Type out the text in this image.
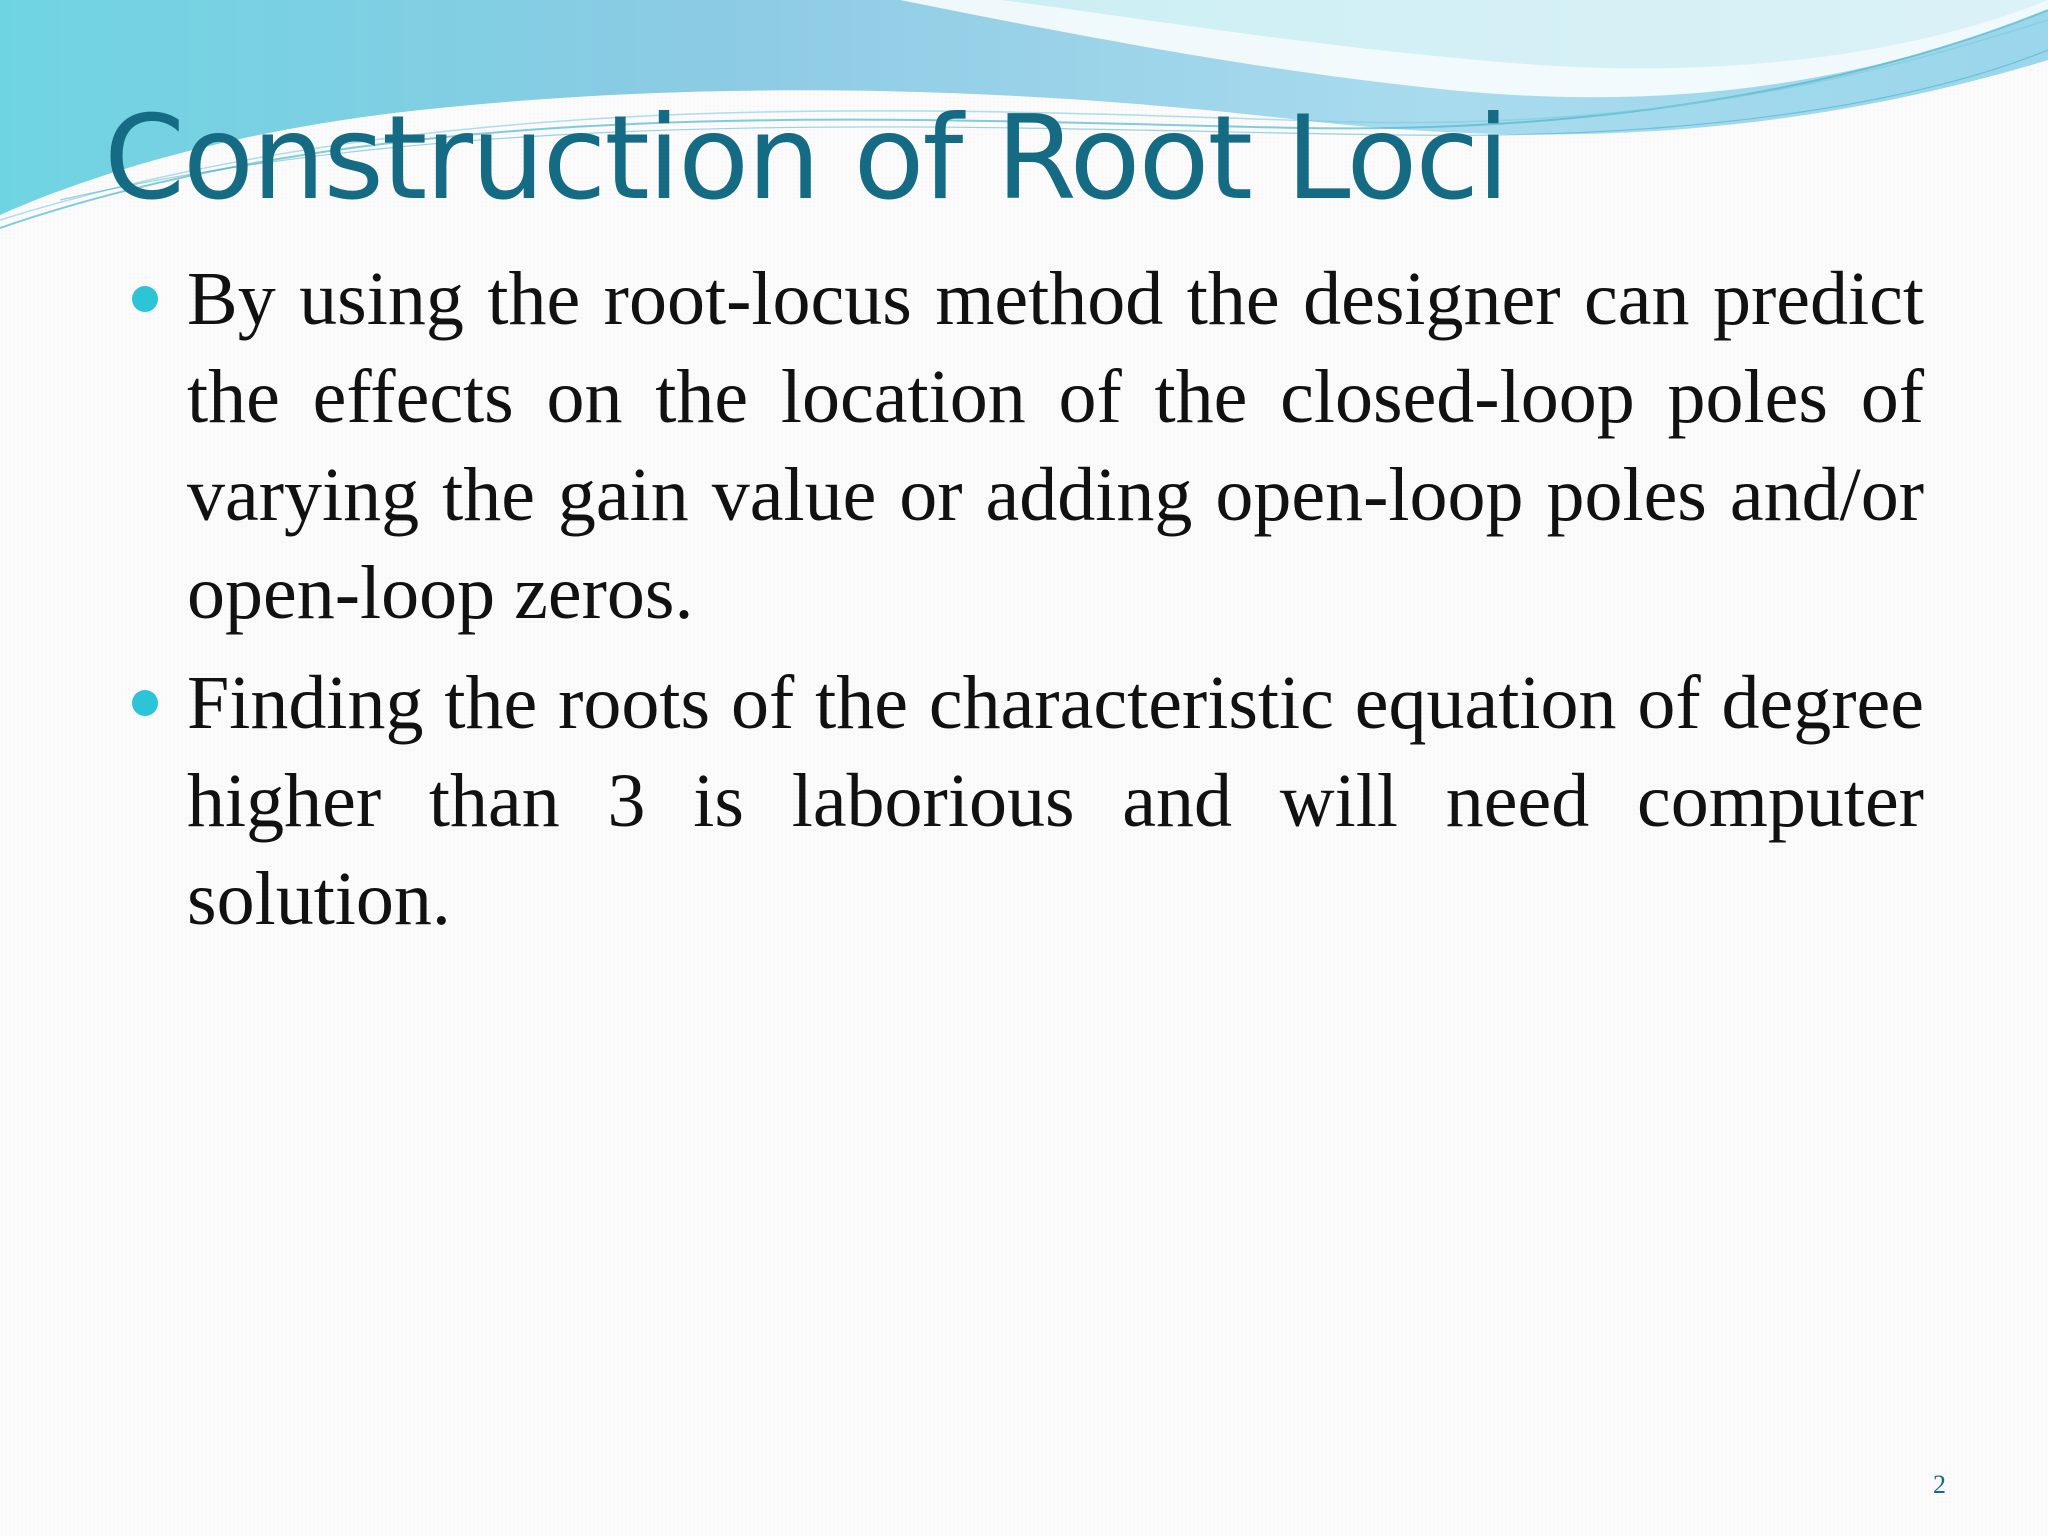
Construction of Root Loci
By using the root-locus method the designer can predict the effects on the location of the closed-loop poles of varying the gain value or adding open-loop poles and/or open-loop zeros.
Finding the roots of the characteristic equation of degree higher than 3 is laborious and will need computer solution.
2
